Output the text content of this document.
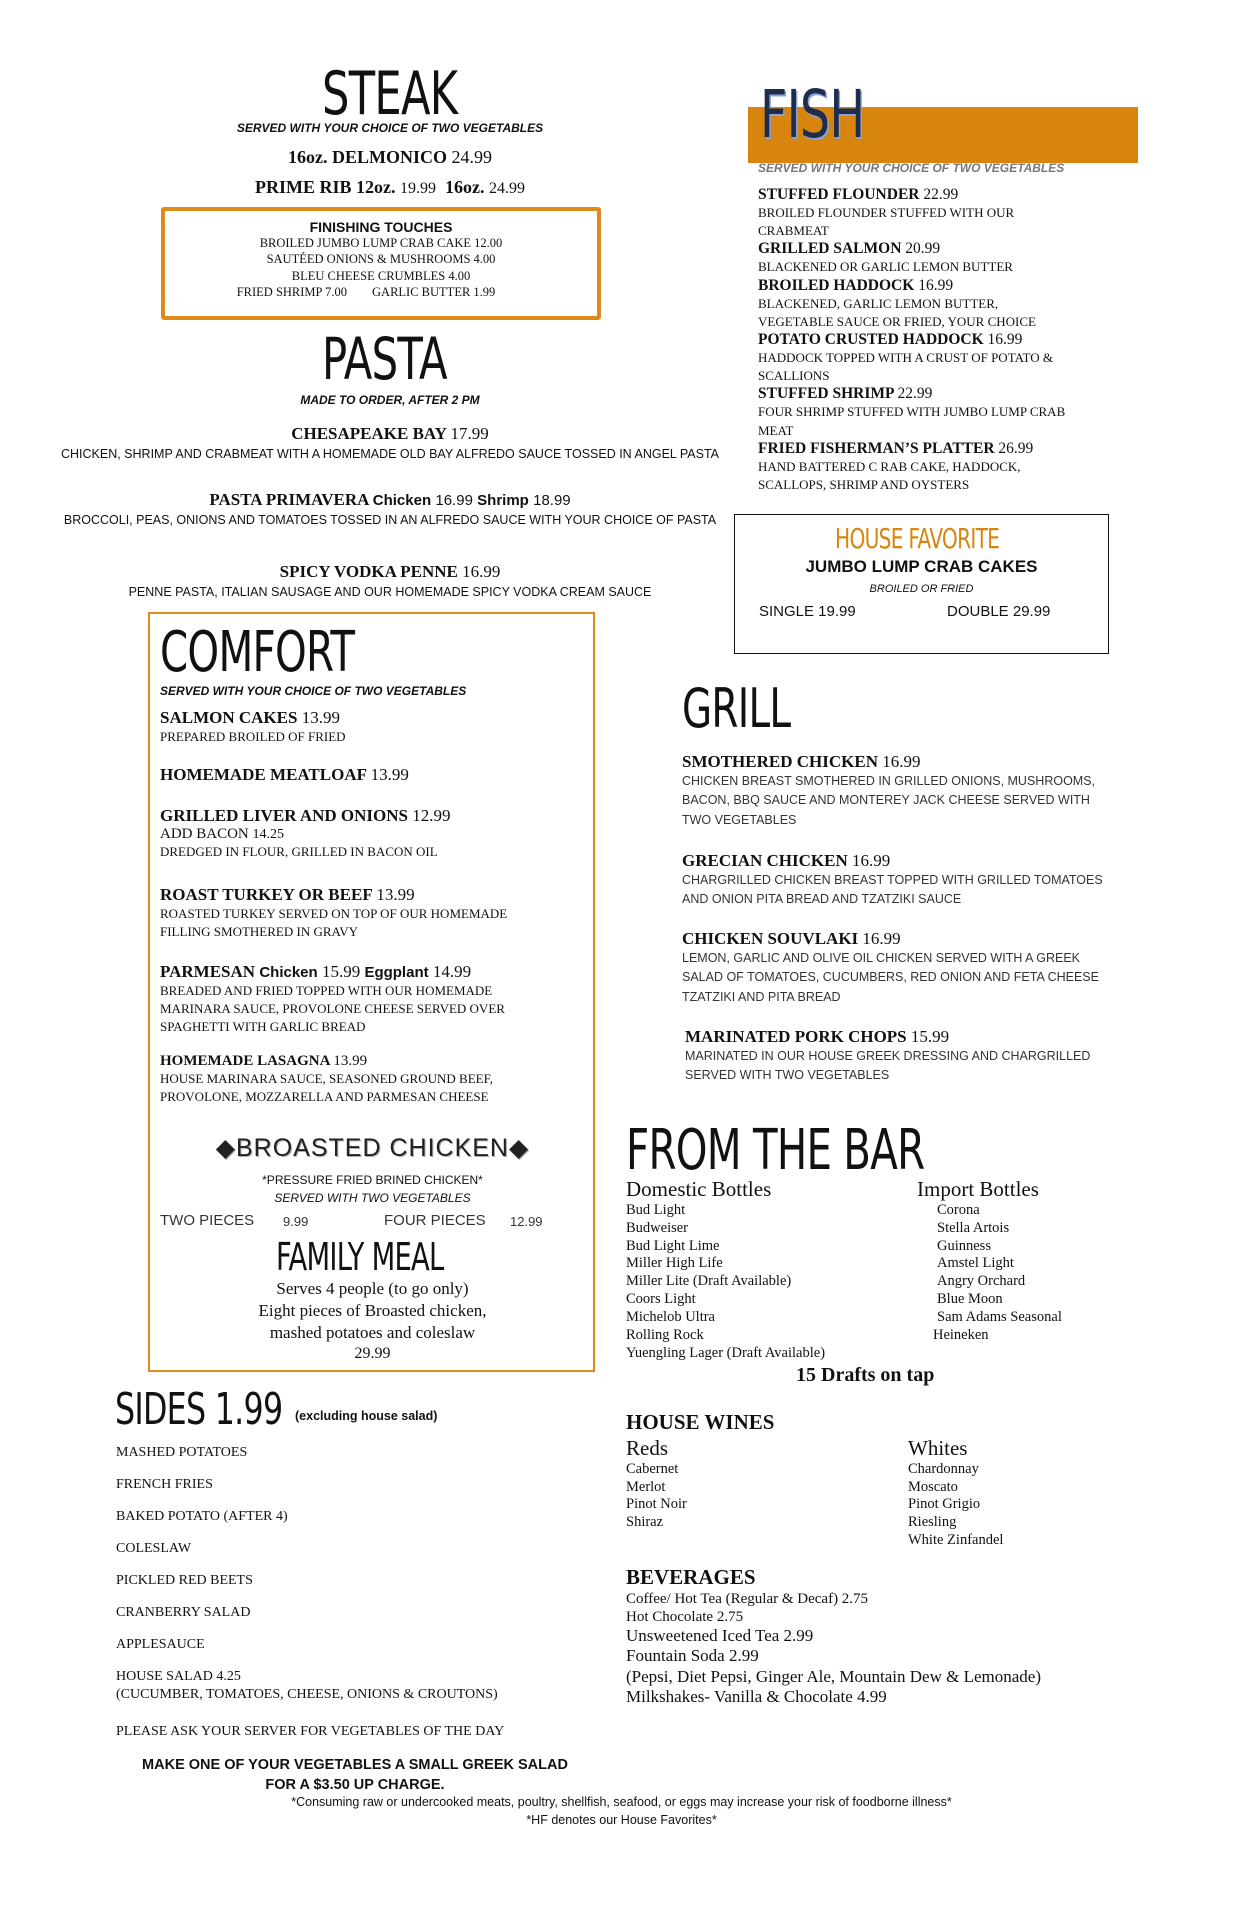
STEAK
SERVED WITH YOUR CHOICE OF TWO VEGETABLES
16oz. DELMONICO 24.99
PRIME RIB 12oz. 19.99 16oz. 24.99
FINISHING TOUCHES
BROILED JUMBO LUMP CRAB CAKE 12.00
SAUTÉED ONIONS & MUSHROOMS 4.00
BLEU CHEESE CRUMBLES 4.00
FRIED SHRIMP 7.00 GARLIC BUTTER 1.99
PASTA
MADE TO ORDER, AFTER 2 PM
CHESAPEAKE BAY 17.99
CHICKEN, SHRIMP AND CRABMEAT WITH A HOMEMADE OLD BAY ALFREDO SAUCE TOSSED IN ANGEL PASTA
PASTA PRIMAVERA Chicken 16.99 Shrimp 18.99
BROCCOLI, PEAS, ONIONS AND TOMATOES TOSSED IN AN ALFREDO SAUCE WITH YOUR CHOICE OF PASTA
SPICY VODKA PENNE 16.99
PENNE PASTA, ITALIAN SAUSAGE AND OUR HOMEMADE SPICY VODKA CREAM SAUCE
COMFORT
SERVED WITH YOUR CHOICE OF TWO VEGETABLES
SALMON CAKES 13.99
PREPARED BROILED OF FRIED
HOMEMADE MEATLOAF 13.99
GRILLED LIVER AND ONIONS 12.99
ADD BACON 14.25
DREDGED IN FLOUR, GRILLED IN BACON OIL
ROAST TURKEY OR BEEF 13.99
ROASTED TURKEY SERVED ON TOP OF OUR HOMEMADE
FILLING SMOTHERED IN GRAVY
PARMESAN Chicken 15.99 Eggplant 14.99
BREADED AND FRIED TOPPED WITH OUR HOMEMADE
MARINARA SAUCE, PROVOLONE CHEESE SERVED OVER
SPAGHETTI WITH GARLIC BREAD
HOMEMADE LASAGNA 13.99
HOUSE MARINARA SAUCE, SEASONED GROUND BEEF,
PROVOLONE, MOZZARELLA AND PARMESAN CHEESE
◆BROASTED CHICKEN◆
*PRESSURE FRIED BRINED CHICKEN*
SERVED WITH TWO VEGETABLES
TWO PIECES 9.99	FOUR PIECES 12.99
FAMILY MEAL
Serves 4 people (to go only)
Eight pieces of Broasted chicken,
mashed potatoes and coleslaw
29.99
FISH
SERVED WITH YOUR CHOICE OF TWO VEGETABLES
STUFFED FLOUNDER 22.99
BROILED FLOUNDER STUFFED WITH OUR
CRABMEAT
GRILLED SALMON 20.99
BLACKENED OR GARLIC LEMON BUTTER
BROILED HADDOCK 16.99
BLACKENED, GARLIC LEMON BUTTER,
VEGETABLE SAUCE OR FRIED, YOUR CHOICE
POTATO CRUSTED HADDOCK 16.99
HADDOCK TOPPED WITH A CRUST OF POTATO &
SCALLIONS
STUFFED SHRIMP 22.99
FOUR SHRIMP STUFFED WITH JUMBO LUMP CRAB
MEAT
FRIED FISHERMAN’S PLATTER 26.99
HAND BATTERED C RAB CAKE, HADDOCK,
SCALLOPS, SHRIMP AND OYSTERS
HOUSE FAVORITE
JUMBO LUMP CRAB CAKES
BROILED OR FRIED
SINGLE 19.99	DOUBLE 29.99
GRILL
SMOTHERED CHICKEN 16.99
CHICKEN BREAST SMOTHERED IN GRILLED ONIONS, MUSHROOMS,
BACON, BBQ SAUCE AND MONTEREY JACK CHEESE SERVED WITH
TWO VEGETABLES
GRECIAN CHICKEN 16.99
CHARGRILLED CHICKEN BREAST TOPPED WITH GRILLED TOMATOES
AND ONION PITA BREAD AND TZATZIKI SAUCE
CHICKEN SOUVLAKI 16.99
LEMON, GARLIC AND OLIVE OIL CHICKEN SERVED WITH A GREEK
SALAD OF TOMATOES, CUCUMBERS, RED ONION AND FETA CHEESE
TZATZIKI AND PITA BREAD
MARINATED PORK CHOPS 15.99
MARINATED IN OUR HOUSE GREEK DRESSING AND CHARGRILLED
SERVED WITH TWO VEGETABLES
FROM THE BAR
Domestic Bottles
Bud Light
Budweiser
Bud Light Lime
Miller High Life
Miller Lite (Draft Available)
Coors Light
Michelob Ultra
Rolling Rock
Yuengling Lager (Draft Available)
Import Bottles
Corona
Stella Artois
Guinness
Amstel Light
Angry Orchard
Blue Moon
Sam Adams Seasonal
Heineken
15 Drafts on tap
HOUSE WINES
Reds
Cabernet
Merlot
Pinot Noir
Shiraz
Whites
Chardonnay
Moscato
Pinot Grigio
Riesling
White Zinfandel
BEVERAGES
Coffee/ Hot Tea (Regular & Decaf) 2.75
Hot Chocolate 2.75
Unsweetened Iced Tea 2.99
Fountain Soda 2.99
(Pepsi, Diet Pepsi, Ginger Ale, Mountain Dew & Lemonade)
Milkshakes- Vanilla & Chocolate 4.99
SIDES 1.99 (excluding house salad)
MASHED POTATOES
FRENCH FRIES
BAKED POTATO (AFTER 4)
COLESLAW
PICKLED RED BEETS
CRANBERRY SALAD
APPLESAUCE
HOUSE SALAD 4.25
(CUCUMBER, TOMATOES, CHEESE, ONIONS & CROUTONS)
PLEASE ASK YOUR SERVER FOR VEGETABLES OF THE DAY
MAKE ONE OF YOUR VEGETABLES A SMALL GREEK SALAD
FOR A $3.50 UP CHARGE.
*Consuming raw or undercooked meats, poultry, shellfish, seafood, or eggs may increase your risk of foodborne illness*
*HF denotes our House Favorites*
